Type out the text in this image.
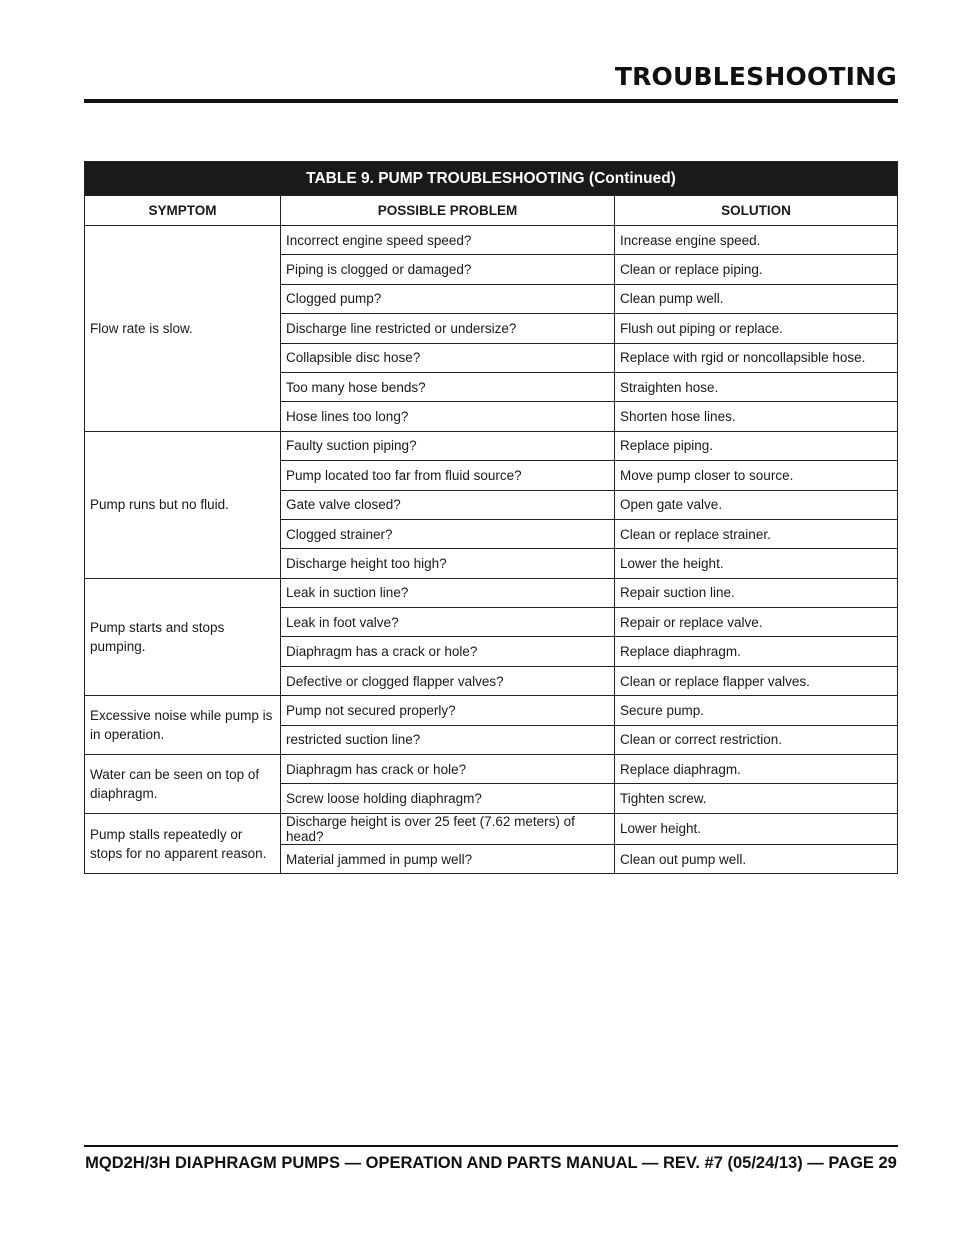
TROUBLESHOOTING
TABLE 9. PUMP TROUBLESHOOTING (Continued)		
SYMPTOM	POSSIBLE PROBLEM	SOLUTION
Flow rate is slow.	Incorrect engine speed speed?	Increase engine speed.
	Piping is clogged or damaged?	Clean or replace piping.
	Clogged pump?	Clean pump well.
	Discharge line restricted or undersize?	Flush out piping or replace.
	Collapsible disc hose?	Replace with rgid or noncollapsible hose.
	Too many hose bends?	Straighten hose.
	Hose lines too long?	Shorten hose lines.
Pump runs but no fluid.	Faulty suction piping?	Replace piping.
	Pump located too far from fluid source?	Move pump closer to source.
	Gate valve closed?	Open gate valve.
	Clogged strainer?	Clean or replace strainer.
	Discharge height too high?	Lower the height.
Pump starts and stops pumping.	Leak in suction line?	Repair suction line.
	Leak in foot valve?	Repair or replace valve.
	Diaphragm has a crack or hole?	Replace diaphragm.
	Defective or clogged flapper valves?	Clean or replace flapper valves.
Excessive noise while pump is in operation.	Pump not secured properly?	Secure pump.
	restricted suction line?	Clean or correct restriction.
Water can be seen on top of diaphragm.	Diaphragm has crack or hole?	Replace diaphragm.
	Screw loose holding diaphragm?	Tighten screw.
Pump stalls repeatedly or stops for no apparent reason.	Discharge height is over 25 feet (7.62 meters) of head?	Lower height.
	Material jammed in pump well?	Clean out pump well.
MQD2H/3H DIAPHRAGM PUMPS — OPERATION AND PARTS MANUAL — REV. #7 (05/24/13) — PAGE 29
